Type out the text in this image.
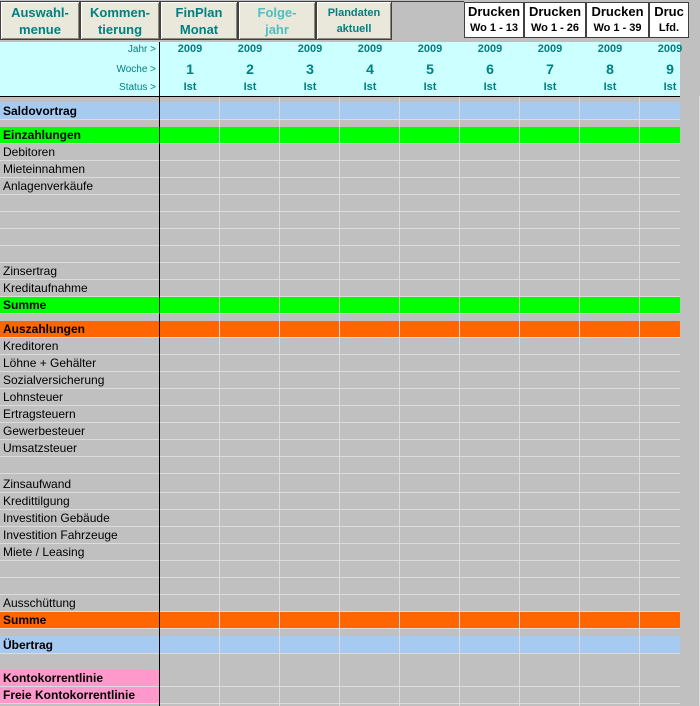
Auswahl-
menue
Kommen-
tierung
FinPlan
Monat
Folge-
jahr
Plandaten
aktuell
Drucken
Wo 1 - 13
Drucken
Wo 1 - 26
Drucken
Wo 1 - 39
Druc
Lfd.
Jahr >
Woche >
Status >
2009
1
Ist
2009
2
Ist
2009
3
Ist
2009
4
Ist
2009
5
Ist
2009
6
Ist
2009
7
Ist
2009
8
Ist
2009
9
Ist
Saldovortrag
Einzahlungen
Debitoren
Mieteinnahmen
Anlagenverkäufe
Zinsertrag
Kreditaufnahme
Summe
Auszahlungen
Kreditoren
Löhne + Gehälter
Sozialversicherung
Lohnsteuer
Ertragsteuern
Gewerbesteuer
Umsatzsteuer
Zinsaufwand
Kredittilgung
Investition Gebäude
Investition Fahrzeuge
Miete / Leasing
Ausschüttung
Summe
Übertrag
Kontokorrentlinie
Freie Kontokorrentlinie
